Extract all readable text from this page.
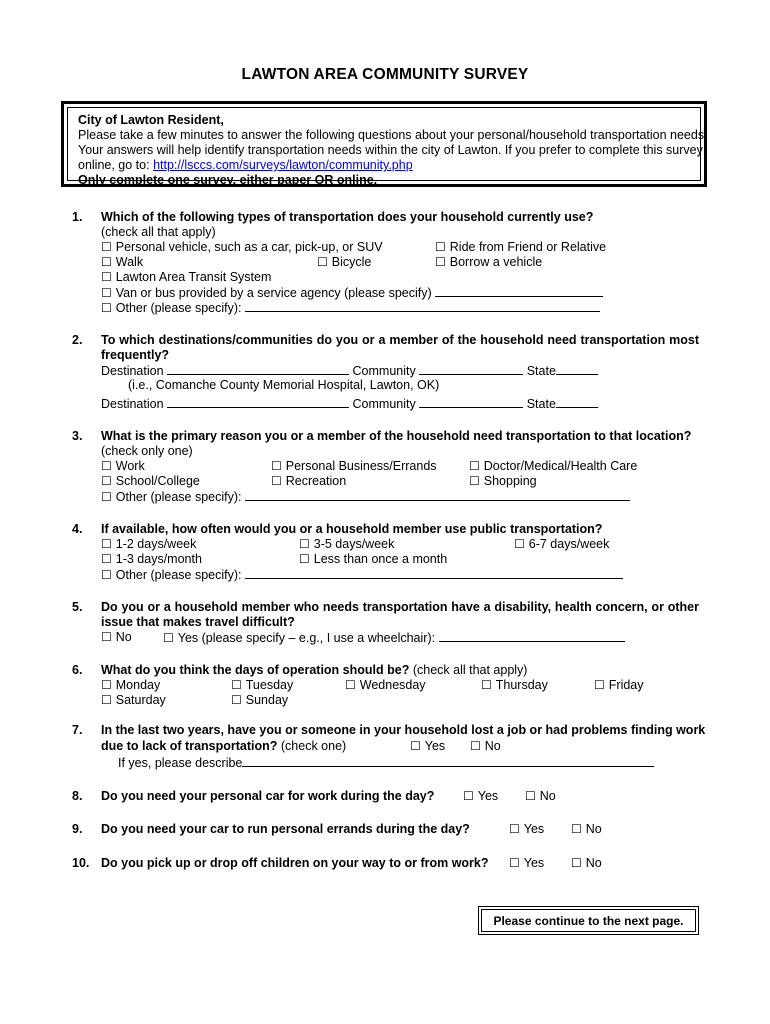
LAWTON AREA COMMUNITY SURVEY
City of Lawton Resident,
Please take a few minutes to answer the following questions about your personal/household transportation needs.
Your answers will help identify transportation needs within the city of Lawton. If you prefer to complete this survey
online, go to: http://lsccs.com/surveys/lawton/community.php
Only complete one survey, either paper OR online.
1. Which of the following types of transportation does your household currently use?
(check all that apply)
☐ Personal vehicle, such as a car, pick-up, or SUV	☐ Ride from Friend or Relative
☐ Walk	☐ Bicycle	☐ Borrow a vehicle
☐ Lawton Area Transit System
☐ Van or bus provided by a service agency (please specify)
☐ Other (please specify):
2. To which destinations/communities do you or a member of the household need transportation most
frequently?
Destination	Community	State
(i.e., Comanche County Memorial Hospital, Lawton, OK)
Destination	Community	State
3. What is the primary reason you or a member of the household need transportation to that location?
(check only one)
☐ Work	☐ Personal Business/Errands	☐ Doctor/Medical/Health Care
☐ School/College	☐ Recreation	☐ Shopping
☐ Other (please specify):
4. If available, how often would you or a household member use public transportation?
☐ 1-2 days/week	☐ 3-5 days/week	☐ 6-7 days/week
☐ 1-3 days/month	☐ Less than once a month
☐ Other (please specify):
5. Do you or a household member who needs transportation have a disability, health concern, or other
issue that makes travel difficult?
☐ No	☐ Yes (please specify – e.g., I use a wheelchair):
6. What do you think the days of operation should be? (check all that apply)
☐ Monday	☐ Tuesday	☐ Wednesday	☐ Thursday	☐ Friday
☐ Saturday	☐ Sunday
7. In the last two years, have you or someone in your household lost a job or had problems finding work
due to lack of transportation? (check one)	☐ Yes ☐ No
If yes, please describe
8. Do you need your personal car for work during the day? ☐ Yes ☐ No
9. Do you need your car to run personal errands during the day?	☐ Yes ☐ No
10. Do you pick up or drop off children on your way to or from work? ☐ Yes ☐ No
Please continue to the next page.
